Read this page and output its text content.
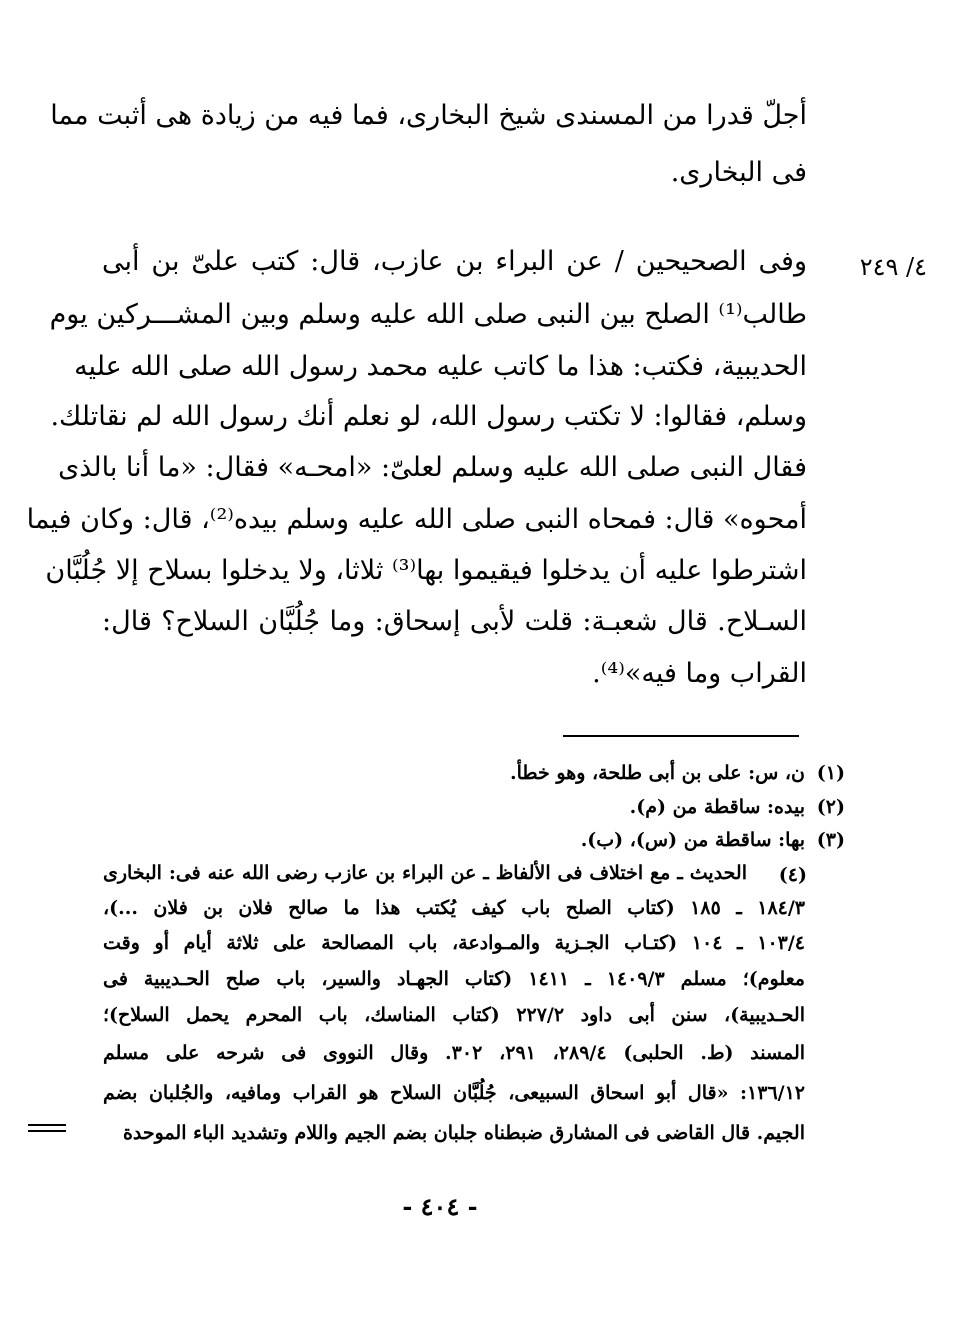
أجلّ قدرا من المسندى شيخ البخارى، فما فيه من زيادة هى أثبت مما
فى البخارى.
٤/ ٢٤٩
وفى الصحيحين / عن البراء بن عازب، قال: كتب علىّ بن أبى
طالب⁽¹⁾ الصلح بين النبى صلى الله عليه وسلم وبين المشـــركين يوم
الحديبية، فكتب: هذا ما كاتب عليه محمد رسول الله صلى الله عليه
وسلم، فقالوا: لا تكتب رسول الله، لو نعلم أنك رسول الله لم نقاتلك.
فقال النبى صلى الله عليه وسلم لعلىّ: «امحـه» فقال: «ما أنا بالذى
أمحوه» قال: فمحاه النبى صلى الله عليه وسلم بيده⁽²⁾، قال: وكان فيما
اشترطوا عليه أن يدخلوا فيقيموا بها⁽³⁾ ثلاثا، ولا يدخلوا بسلاح إلا جُلُبَّان
السـلاح. قال شعبـة: قلت لأبى إسحاق: وما جُلُبَّان السلاح؟ قال:
القراب وما فيه»⁽⁴⁾.
(١)
ن، س: على بن أبى طلحة، وهو خطأ.
(٢)
بيده: ساقطة من (م).
(٣)
بها: ساقطة من (س)، (ب).
(٤)
الحديث ـ مع اختلاف فى الألفاظ ـ عن البراء بن عازب رضى الله عنه فى: البخارى
١٨٤/٣ ـ ١٨٥ (كتاب الصلح باب كيف يُكتب هذا ما صالح فلان بن فلان ...)،
١٠٣/٤ ـ ١٠٤ (كتـاب الجـزية والمـوادعة، باب المصالحة على ثلاثة أيام أو وقت
معلوم)؛ مسلم ١٤٠٩/٣ ـ ١٤١١ (كتاب الجهـاد والسير، باب صلح الحـديبية فى
الحـديبية)، سنن أبى داود ٢٢٧/٢ (كتاب المناسك، باب المحرم يحمل السلاح)؛
المسند (ط. الحلبى) ٢٨٩/٤، ٢٩١، ٣٠٢. وقال النووى فى شرحه على مسلم
١٣٦/١٢: «قال أبو اسحاق السبيعى، جُلُبَّان السلاح هو القراب ومافيه، والجُلبان بضم
الجيم. قال القاضى فى المشارق ضبطناه جلبان بضم الجيم واللام وتشديد الباء الموحدة
- ٤٠٤ -
